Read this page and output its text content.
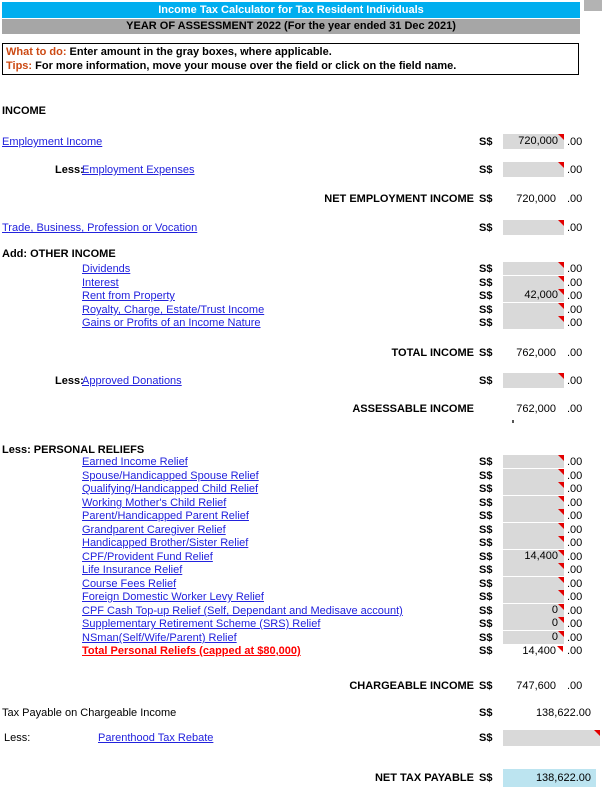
Income Tax Calculator for Tax Resident Individuals
YEAR OF ASSESSMENT 2022 (For the year ended 31 Dec 2021)
What to do: Enter amount in the gray boxes, where applicable.
Tips: For more information, move your mouse over the field or click on the field name.
INCOME
Employment Income	S$	720,000 .00
Less:
Employment Expenses	S$	.00
NET EMPLOYMENT INCOME S$ 720,000 .00
Trade, Business, Profession or Vocation	S$	.00
Add: OTHER INCOME
Dividends	S$	.00
Interest	S$	.00
Rent from Property	S$	42,000 .00
Royalty, Charge, Estate/Trust Income	S$	.00
Gains or Profits of an Income Nature	S$	.00
TOTAL INCOME S$ 762,000 .00
Less:
Approved Donations	S$	.00
ASSESSABLE INCOME	762,000 .00
Less: PERSONAL RELIEFS
Earned Income Relief	S$	.00
Spouse/Handicapped Spouse Relief	S$	.00
Qualifying/Handicapped Child Relief	S$	.00
Working Mother's Child Relief	S$	.00
Parent/Handicapped Parent Relief	S$	.00
Grandparent Caregiver Relief	S$	.00
Handicapped Brother/Sister Relief	S$	.00
CPF/Provident Fund Relief	S$	14,400 .00
Life Insurance Relief	S$	.00
Course Fees Relief	S$	.00
Foreign Domestic Worker Levy Relief	S$	.00
CPF Cash Top-up Relief (Self, Dependant and Medisave account)	S$	0 .00
Supplementary Retirement Scheme (SRS) Relief	S$	0 .00
NSman(Self/Wife/Parent) Relief	S$	0 .00
Total Personal Reliefs (capped at $80,000)	S$	14,400 .00
CHARGEABLE INCOME S$ 747,600 .00
Tax Payable on Chargeable Income	S$	138,622.00
Less:	Parenthood Tax Rebate	S$
NET TAX PAYABLE S$	138,622.00
